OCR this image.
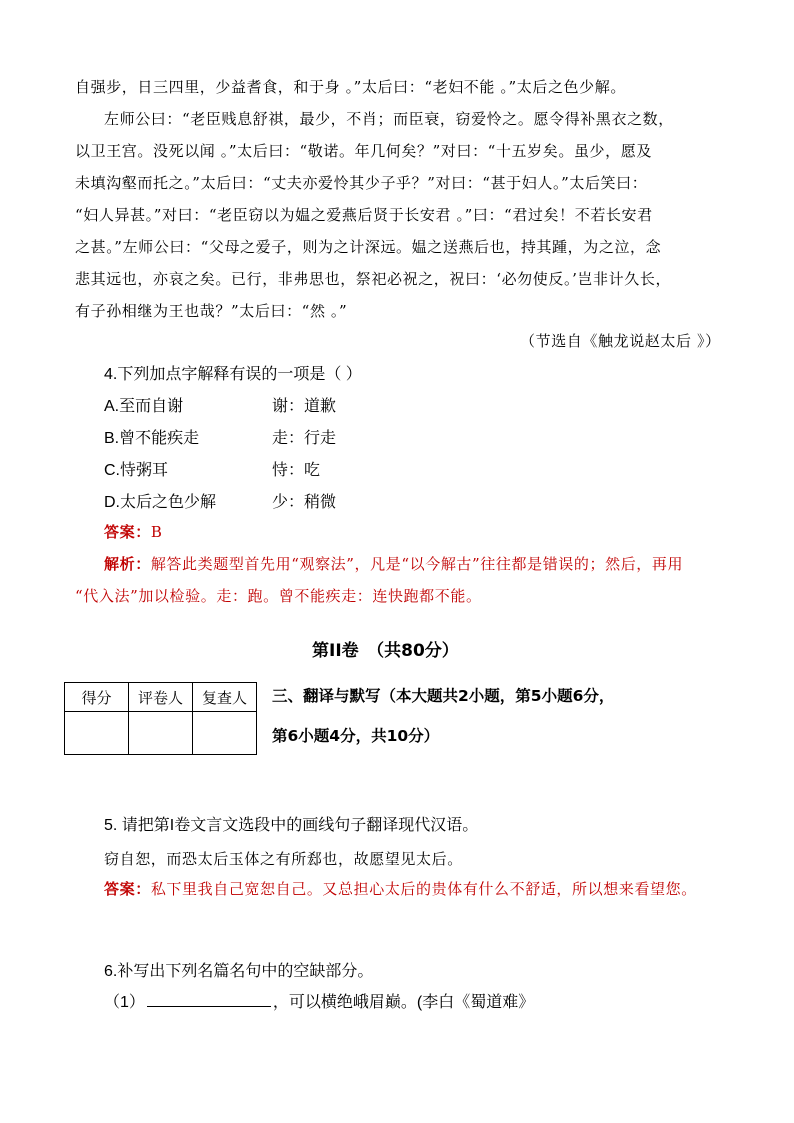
自强步，日三四里，少益耆食，和于身 。”太后曰：“老妇不能 。”太后之色少解。
左师公曰：“老臣贱息舒祺，最少，不肖；而臣衰，窃爱怜之。愿令得补黑衣之数，
以卫王宫。没死以闻 。”太后曰：“敬诺。年几何矣？”对曰：“十五岁矣。虽少，愿及
未填沟壑而托之。”太后曰：“丈夫亦爱怜其少子乎？”对曰：“甚于妇人。”太后笑曰：
“妇人异甚。”对曰：“老臣窃以为媪之爱燕后贤于长安君 。”曰：“君过矣！不若长安君
之甚。”左师公曰：“父母之爱子，则为之计深远。媪之送燕后也，持其踵，为之泣，念
悲其远也，亦哀之矣。已行，非弗思也，祭祀必祝之，祝曰：‘必勿使反。’岂非计久长，
有子孙相继为王也哉？”太后曰：“然 。”
（节选自《触龙说赵太后 》）
4.下列加点字解释有误的一项是（ ）
A.至而自谢	谢：道歉
B.曾不能疾走	走：行走
C.恃粥耳	恃：吃
D.太后之色少解	少：稍微
答案：B
解析：解答此类题型首先用“观察法”，凡是“以今解古”往往都是错误的；然后，再用
“代入法”加以检验。走：跑。曾不能疾走：连快跑都不能。
第II卷　（共80分）
得分	评卷人	复查人
		三、翻译与默写（本大题共2小题，第5小题6分，
第6小题4分，共10分）
5. 请把第I卷文言文选段中的画线句子翻译现代汉语。
窃自恕，而恐太后玉体之有所郄也，故愿望见太后。
答案：私下里我自己宽恕自己。又总担心太后的贵体有什么不舒适，所以想来看望您。
6.补写出下列名篇名句中的空缺部分。
（1）	，可以横绝峨眉巅。(李白《蜀道难》
